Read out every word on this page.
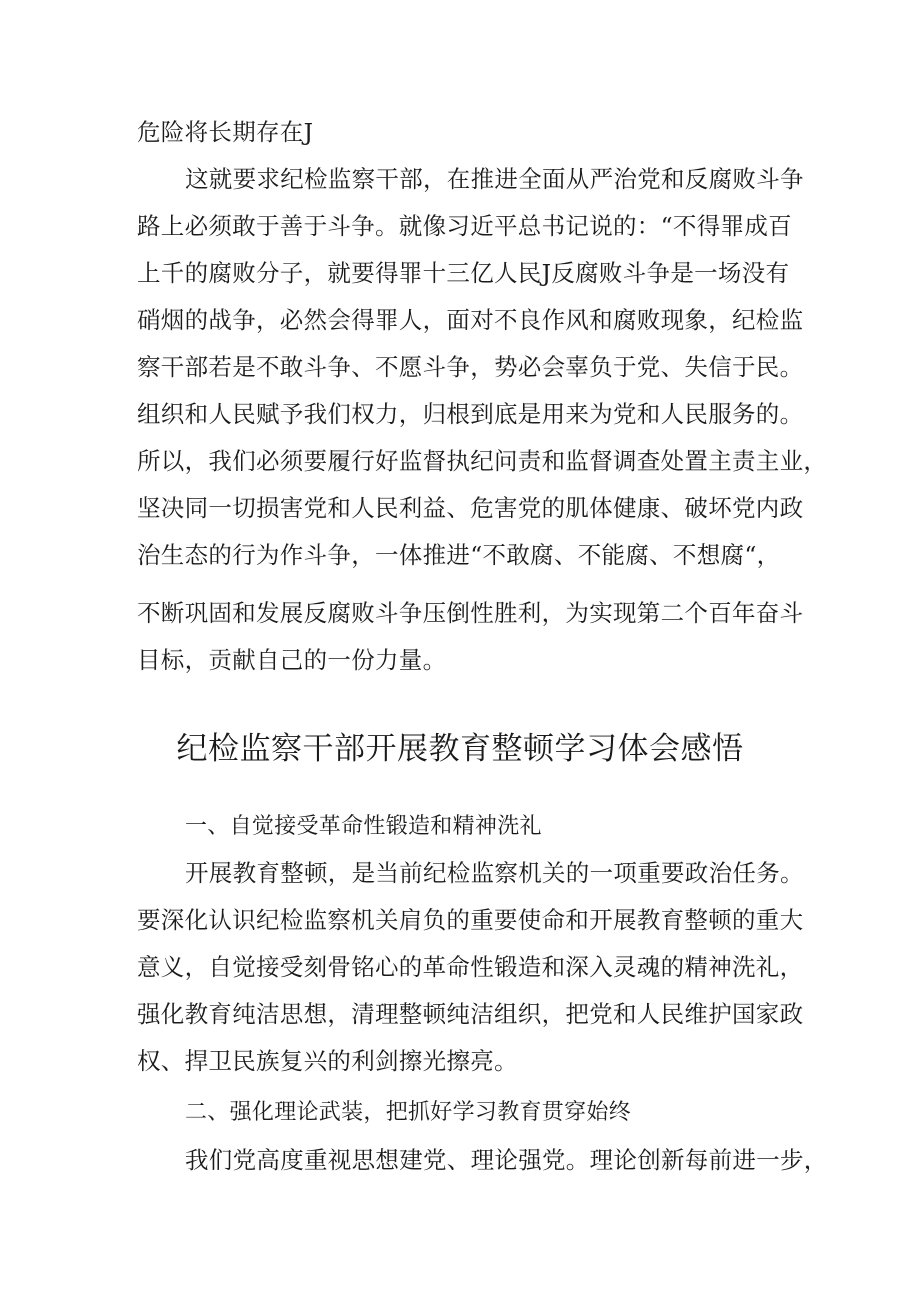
危险将长期存在J
这就要求纪检监察干部，在推进全面从严治党和反腐败斗争
路上必须敢于善于斗争。就像习近平总书记说的：“不得罪成百
上千的腐败分子，就要得罪十三亿人民J反腐败斗争是一场没有
硝烟的战争，必然会得罪人，面对不良作风和腐败现象，纪检监
察干部若是不敢斗争、不愿斗争，势必会辜负于党、失信于民。
组织和人民赋予我们权力，归根到底是用来为党和人民服务的。
所以，我们必须要履行好监督执纪问责和监督调查处置主责主业，
坚决同一切损害党和人民利益、危害党的肌体健康、破坏党内政
治生态的行为作斗争，一体推进“不敢腐、不能腐、不想腐“，
不断巩固和发展反腐败斗争压倒性胜利，为实现第二个百年奋斗
目标，贡献自己的一份力量。
纪检监察干部开展教育整顿学习体会感悟
一、自觉接受革命性锻造和精神洗礼
开展教育整顿，是当前纪检监察机关的一项重要政治任务。
要深化认识纪检监察机关肩负的重要使命和开展教育整顿的重大
意义，自觉接受刻骨铭心的革命性锻造和深入灵魂的精神洗礼，
强化教育纯洁思想，清理整顿纯洁组织，把党和人民维护国家政
权、捍卫民族复兴的利剑擦光擦亮。
二、强化理论武装，把抓好学习教育贯穿始终
我们党高度重视思想建党、理论强党。理论创新每前进一步，
